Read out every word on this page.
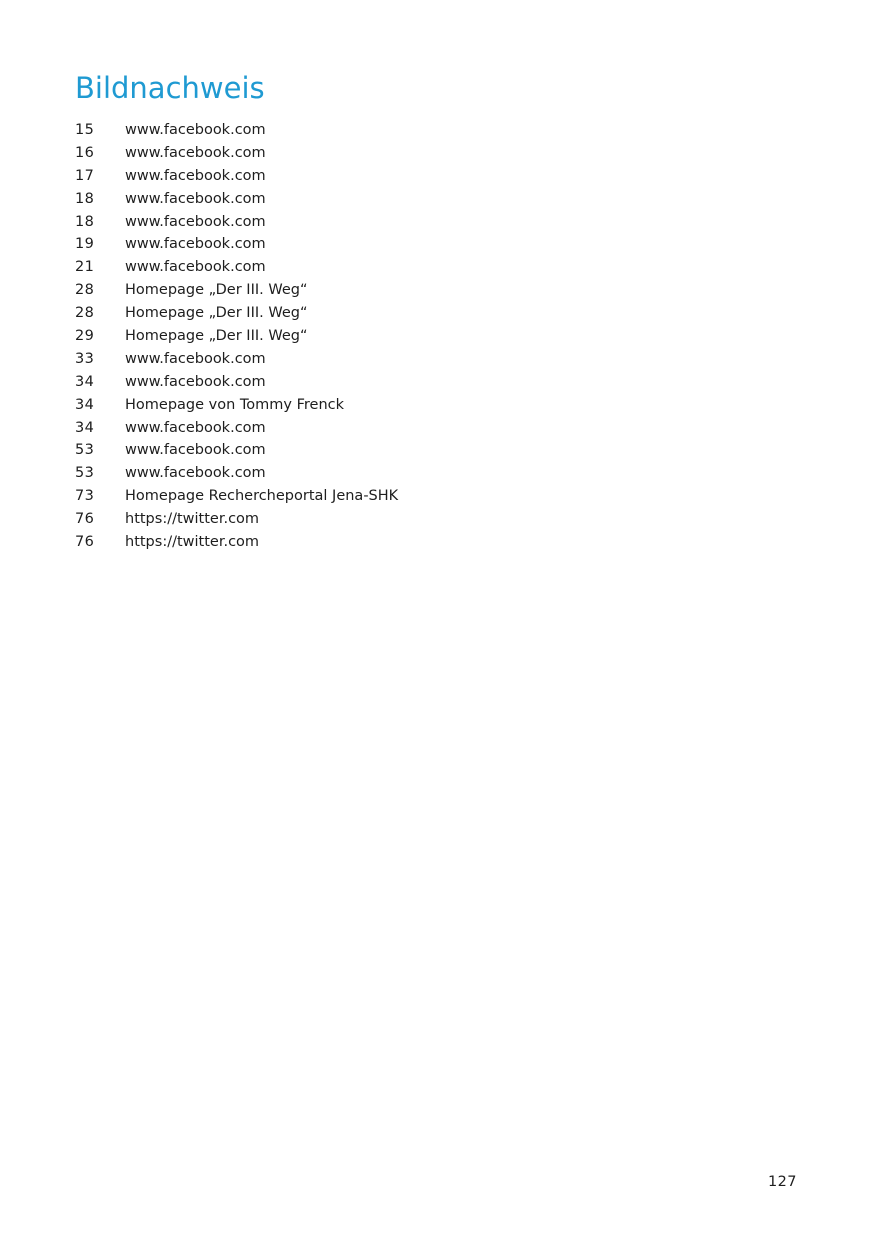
Bildnachweis
15	www.facebook.com
16	www.facebook.com
17	www.facebook.com
18	www.facebook.com
18	www.facebook.com
19	www.facebook.com
21	www.facebook.com
28	Homepage „Der III. Weg“
28	Homepage „Der III. Weg“
29	Homepage „Der III. Weg“
33	www.facebook.com
34	www.facebook.com
34	Homepage von Tommy Frenck
34	www.facebook.com
53	www.facebook.com
53	www.facebook.com
73	Homepage Rechercheportal Jena-SHK
76	https://twitter.com
76	https://twitter.com
127
